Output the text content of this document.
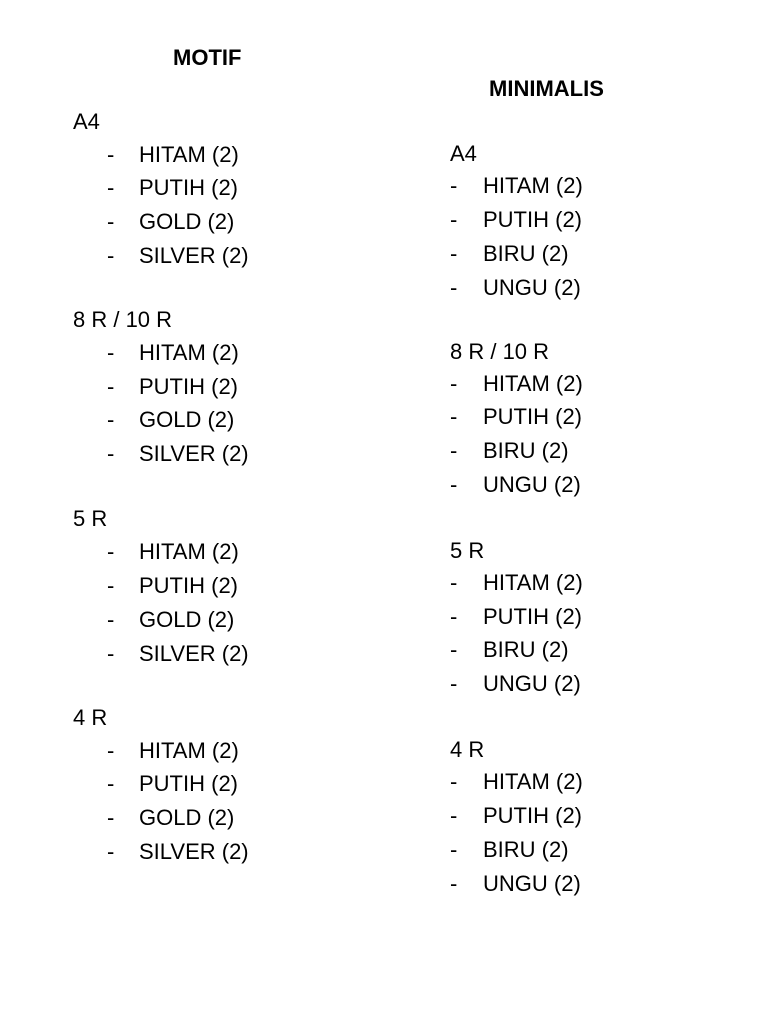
MOTIF
A4
- HITAM (2)
- PUTIH (2)
- GOLD (2)
- SILVER (2)
8 R / 10 R
- HITAM (2)
- PUTIH (2)
- GOLD (2)
- SILVER (2)
5 R
- HITAM (2)
- PUTIH (2)
- GOLD (2)
- SILVER (2)
4 R
- HITAM (2)
- PUTIH (2)
- GOLD (2)
- SILVER (2)
MINIMALIS
A4
- HITAM (2)
- PUTIH (2)
- BIRU (2)
- UNGU (2)
8 R / 10 R
- HITAM (2)
- PUTIH (2)
- BIRU (2)
- UNGU (2)
5 R
- HITAM (2)
- PUTIH (2)
- BIRU (2)
- UNGU (2)
4 R
- HITAM (2)
- PUTIH (2)
- BIRU (2)
- UNGU (2)
